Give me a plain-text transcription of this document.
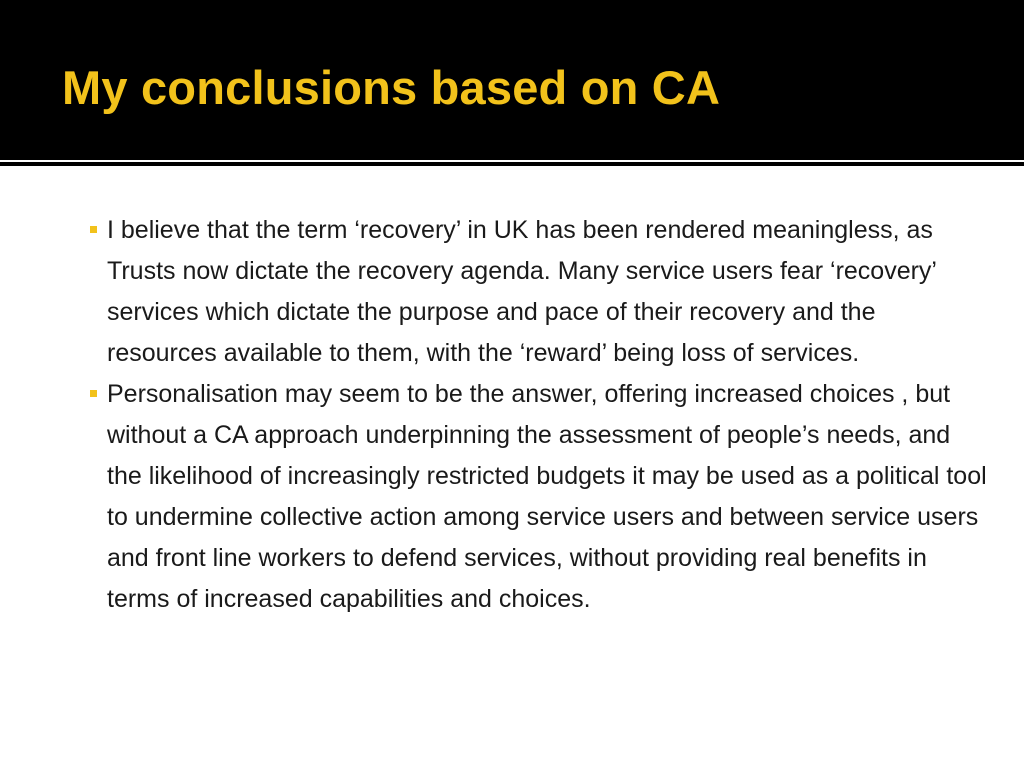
My conclusions based on CA
I believe that the term ‘recovery’ in UK has been rendered meaningless, as Trusts now dictate the recovery agenda. Many service users fear ‘recovery’ services which dictate the purpose and pace of their recovery and the resources available to them, with the ‘reward’ being loss of services.
Personalisation may seem to be the answer, offering increased choices , but without a CA approach underpinning the assessment of people’s needs, and the likelihood of increasingly restricted budgets it may be used as a political tool to undermine collective action among service users and between service users and front line workers to defend services, without providing real benefits in terms of increased capabilities and choices.
